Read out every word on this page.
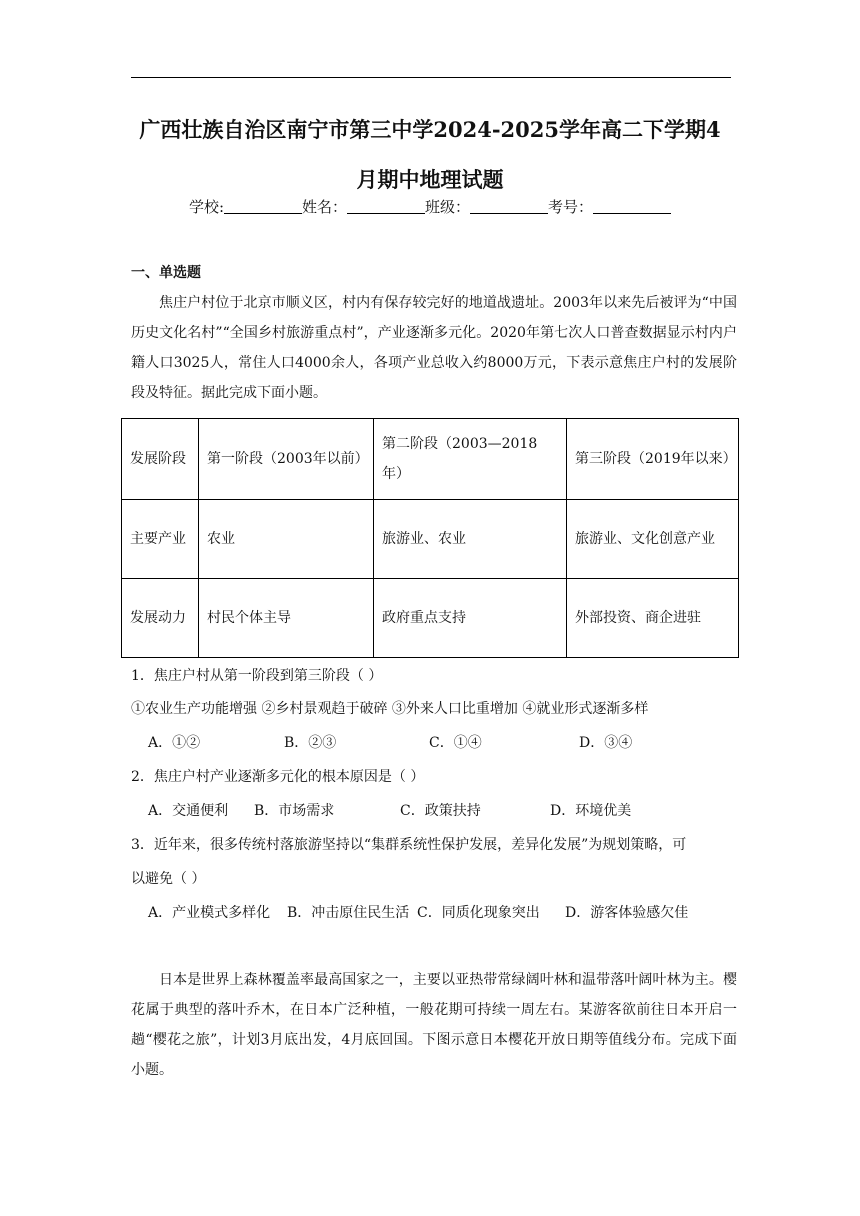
广西壮族自治区南宁市第三中学2024-2025学年高二下学期4
月期中地理试题
学校:	姓名：	班级：	考号：
一、单选题
焦庄户村位于北京市顺义区，村内有保存较完好的地道战遗址。2003年以来先后被评为“中国历史文化名村”“全国乡村旅游重点村”，产业逐渐多元化。2020年第七次人口普查数据显示村内户籍人口3025人，常住人口4000余人，各项产业总收入约8000万元，下表示意焦庄户村的发展阶段及特征。据此完成下面小题。
发展阶段	第一阶段（2003年以前）	第二阶段（2003—2018年）	第三阶段（2019年以来）
主要产业	农业	旅游业、农业	旅游业、文化创意产业
发展动力	村民个体主导	政府重点支持	外部投资、商企进驻
1．焦庄户村从第一阶段到第三阶段（ ）
①农业生产功能增强 ②乡村景观趋于破碎 ③外来人口比重增加 ④就业形式逐渐多样
A．①②	B．②③	C．①④	D．③④
2．焦庄户村产业逐渐多元化的根本原因是（ ）
A．交通便利 B．市场需求	C．政策扶持	D．环境优美
3．近年来，很多传统村落旅游坚持以“集群系统性保护发展，差异化发展”为规划策略，可
以避免（ ）
A．产业模式多样化 B．冲击原住民生活 C．同质化现象突出 D．游客体验感欠佳
日本是世界上森林覆盖率最高国家之一，主要以亚热带常绿阔叶林和温带落叶阔叶林为主。樱花属于典型的落叶乔木，在日本广泛种植，一般花期可持续一周左右。某游客欲前往日本开启一趟“樱花之旅”，计划3月底出发，4月底回国。下图示意日本樱花开放日期等值线分布。完成下面小题。
